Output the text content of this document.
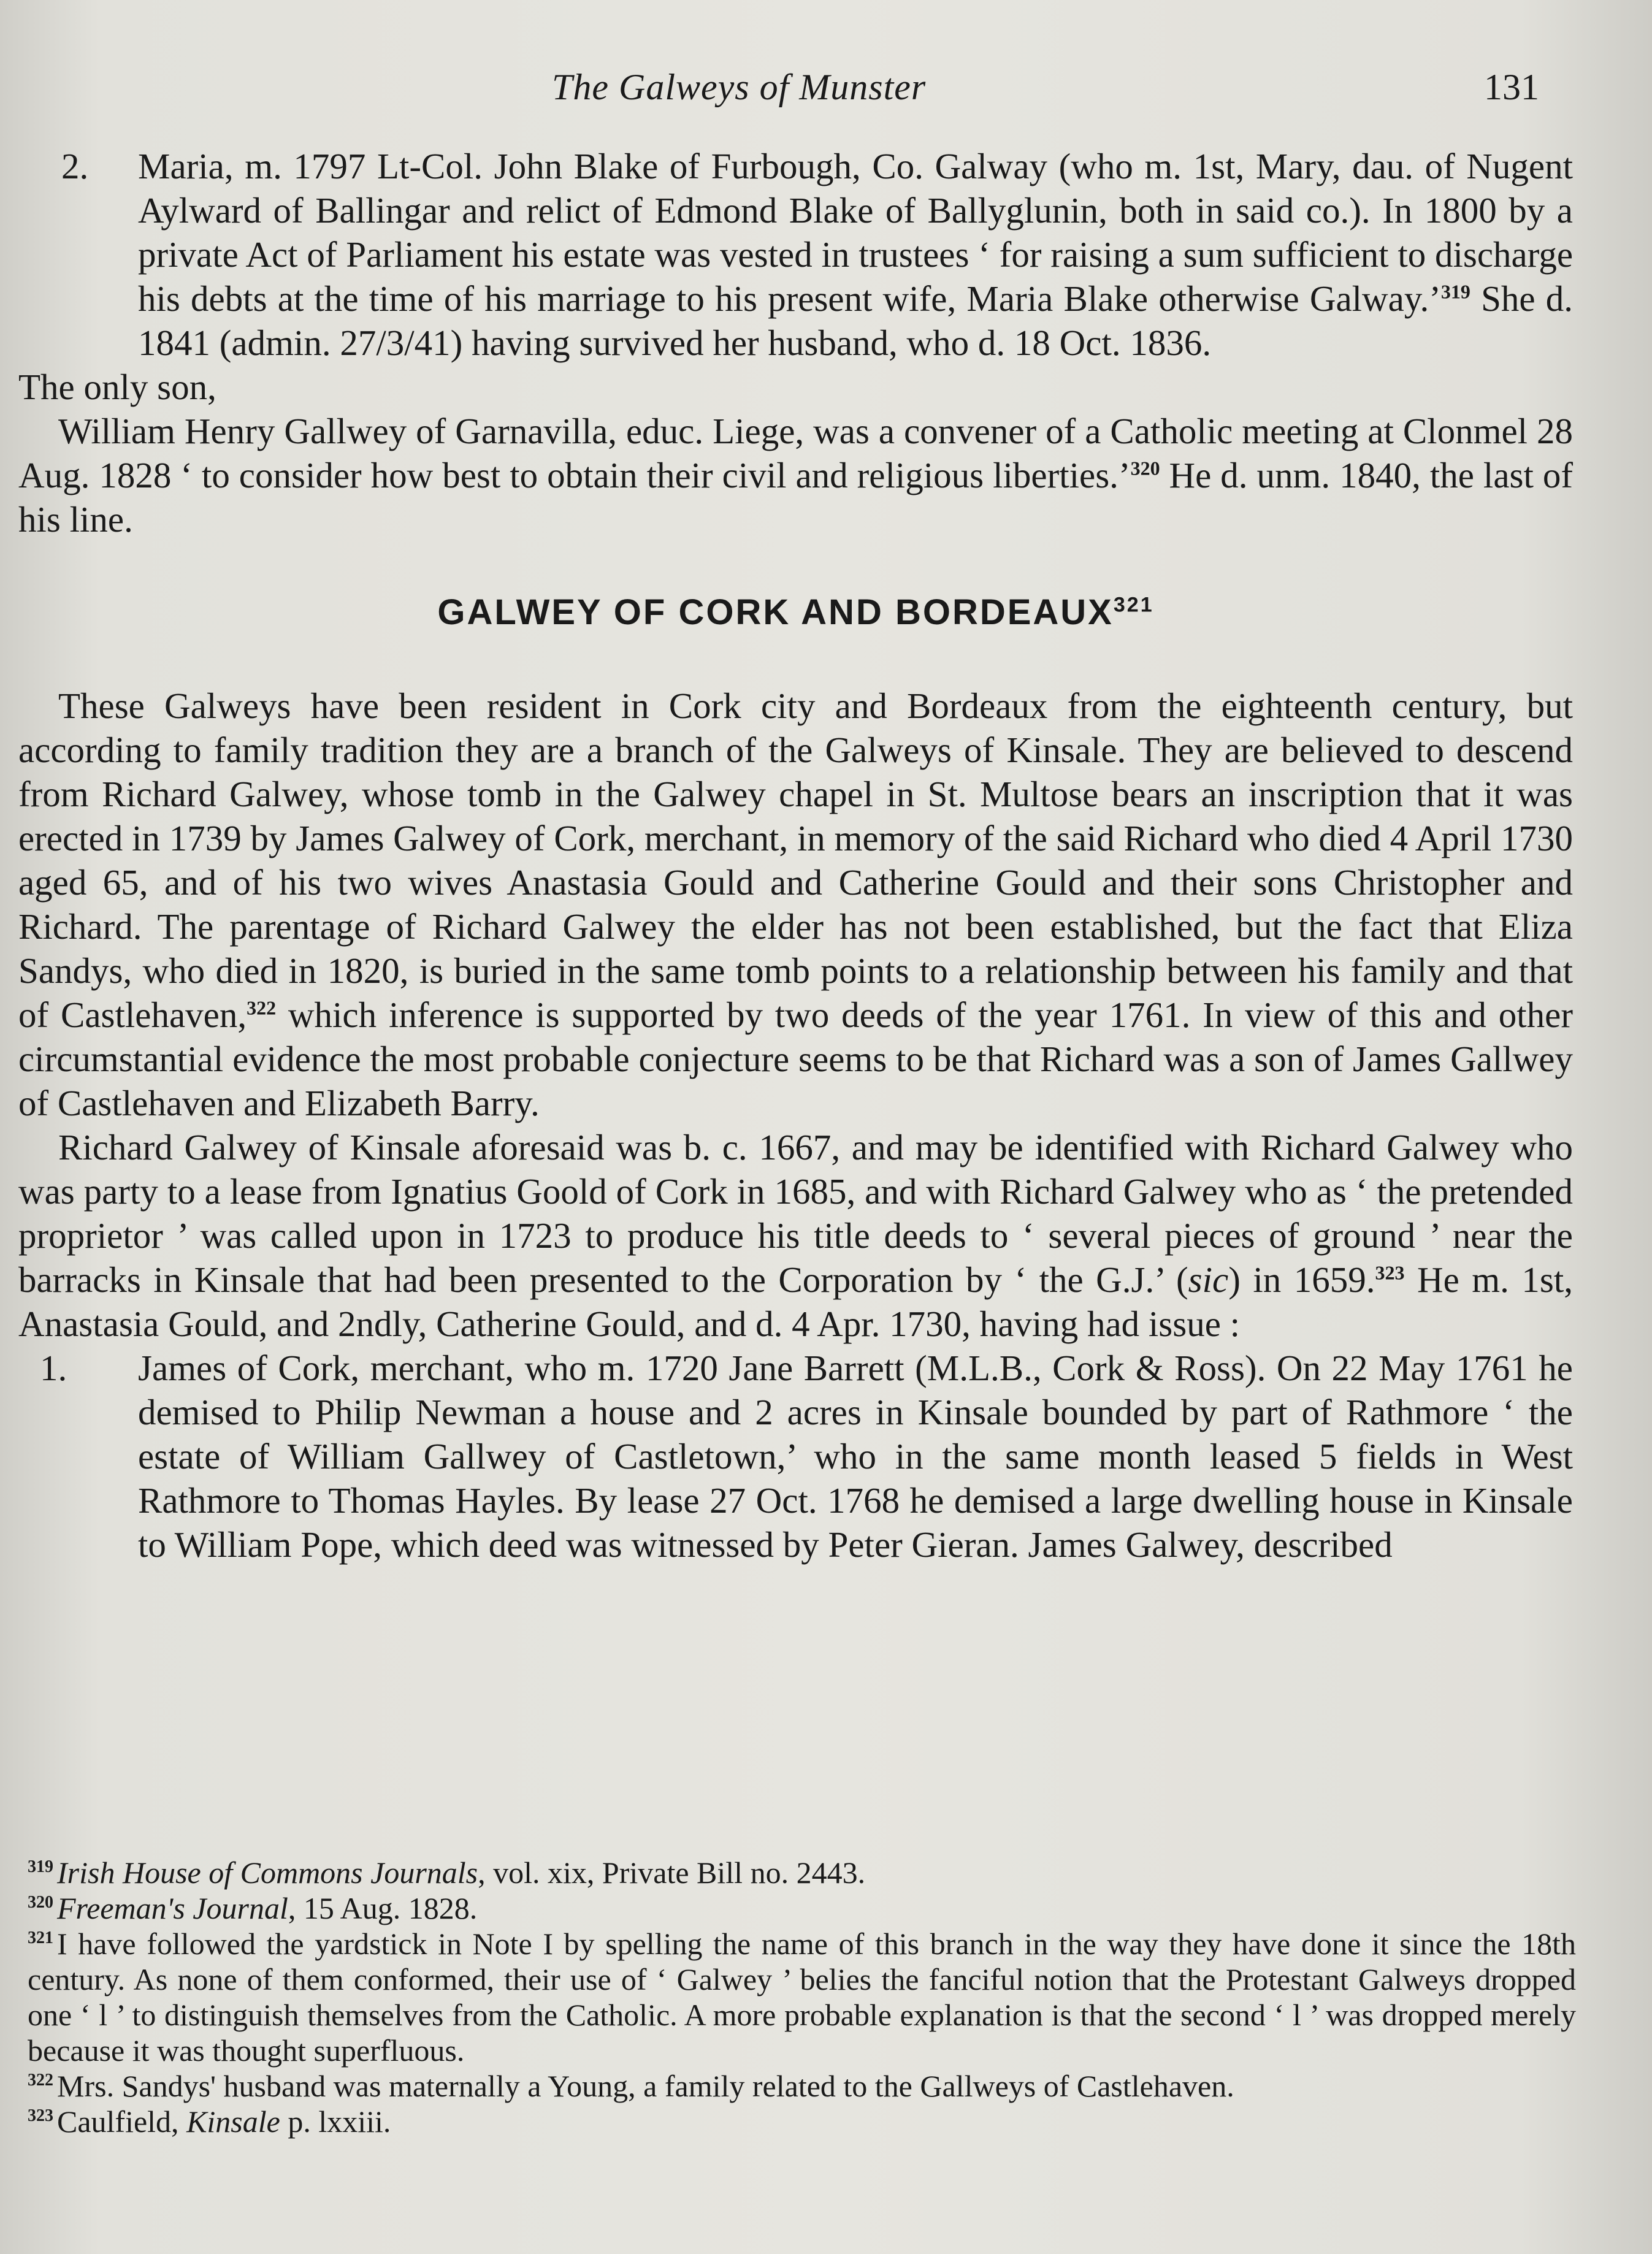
The Galweys of Munster	131
2.	Maria, m. 1797 Lt-Col. John Blake of Furbough, Co. Galway (who m. 1st, Mary, dau. of Nugent Aylward of Ballingar and relict of Edmond Blake of Ballyglunin, both in said co.). In 1800 by a private Act of Parliament his estate was vested in trustees ‘ for raising a sum sufficient to discharge his debts at the time of his marriage to his present wife, Maria Blake otherwise Galway.’$^{319}$ She d. 1841 (admin. 27/3/41) having survived her husband, who d. 18 Oct. 1836.

The only son,

William Henry Gallwey of Garnavilla, educ. Liege, was a convener of a Catholic meeting at Clonmel 28 Aug. 1828 ‘ to consider how best to obtain their civil and religious liberties.’$^{320}$ He d. unm. 1840, the last of his line.

GALWEY OF CORK AND BORDEAUX$^{321}$

These Galweys have been resident in Cork city and Bordeaux from the eighteenth century, but according to family tradition they are a branch of the Galweys of Kinsale. They are believed to descend from Richard Galwey, whose tomb in the Galwey chapel in St. Multose bears an inscription that it was erected in 1739 by James Galwey of Cork, merchant, in memory of the said Richard who died 4 April 1730 aged 65, and of his two wives Anastasia Gould and Catherine Gould and their sons Christopher and Richard. The parentage of Richard Galwey the elder has not been established, but the fact that Eliza Sandys, who died in 1820, is buried in the same tomb points to a relationship between his family and that of Castlehaven,$^{322}$ which inference is supported by two deeds of the year 1761. In view of this and other circumstantial evidence the most probable conjecture seems to be that Richard was a son of James Gallwey of Castlehaven and Elizabeth Barry.

Richard Galwey of Kinsale aforesaid was b. c. 1667, and may be identified with Richard Galwey who was party to a lease from Ignatius Goold of Cork in 1685, and with Richard Galwey who as ‘ the pretended proprietor ’ was called upon in 1723 to produce his title deeds to ‘ several pieces of ground ’ near the barracks in Kinsale that had been presented to the Corporation by ‘ the G.J.’ (sic) in 1659.$^{323}$ He m. 1st, Anastasia Gould, and 2ndly, Catherine Gould, and d. 4 Apr. 1730, having had issue :

1.	James of Cork, merchant, who m. 1720 Jane Barrett (M.L.B., Cork & Ross). On 22 May 1761 he demised to Philip Newman a house and 2 acres in Kinsale bounded by part of Rathmore ‘ the estate of William Gallwey of Castletown,’ who in the same month leased 5 fields in West Rathmore to Thomas Hayles. By lease 27 Oct. 1768 he demised a large dwelling house in Kinsale to William Pope, which deed was witnessed by Peter Gieran. James Galwey, described

$^{319}$ Irish House of Commons Journals, vol. xix, Private Bill no. 2443.

$^{320}$ Freeman's Journal, 15 Aug. 1828.

$^{321}$ I have followed the yardstick in Note I by spelling the name of this branch in the way they have done it since the 18th century. As none of them conformed, their use of ‘ Galwey ’ belies the fanciful notion that the Protestant Galweys dropped one ‘ l ’ to distinguish themselves from the Catholic. A more probable explanation is that the second ‘ l ’ was dropped merely because it was thought superfluous.

$^{322}$ Mrs. Sandys' husband was maternally a Young, a family related to the Gallweys of Castlehaven.

$^{323}$ Caulfield, Kinsale p. lxxiii.
